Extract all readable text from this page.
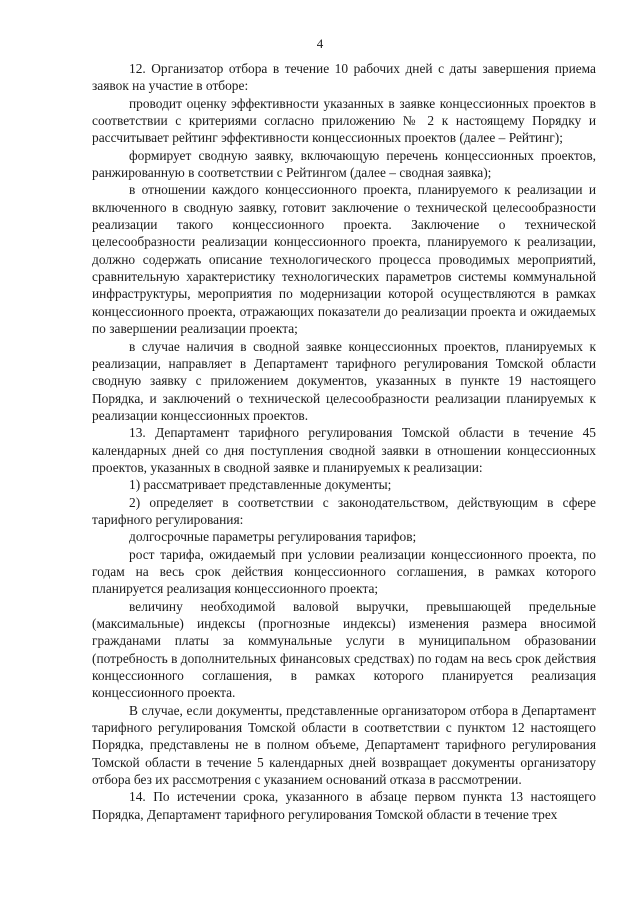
4

12. Организатор отбора в течение 10 рабочих дней с даты завершения приема заявок на участие в отборе:

проводит оценку эффективности указанных в заявке концессионных проектов в соответствии с критериями согласно приложению № 2 к настоящему Порядку и рассчитывает рейтинг эффективности концессионных проектов (далее – Рейтинг);

формирует сводную заявку, включающую перечень концессионных проектов, ранжированную в соответствии с Рейтингом (далее – сводная заявка);

в отношении каждого концессионного проекта, планируемого к реализации и включенного в сводную заявку, готовит заключение о технической целесообразности реализации такого концессионного проекта. Заключение о технической целесообразности реализации концессионного проекта, планируемого к реализации, должно содержать описание технологического процесса проводимых мероприятий, сравнительную характеристику технологических параметров системы коммунальной инфраструктуры, мероприятия по модернизации которой осуществляются в рамках концессионного проекта, отражающих показатели до реализации проекта и ожидаемых по завершении реализации проекта;

в случае наличия в сводной заявке концессионных проектов, планируемых к реализации, направляет в Департамент тарифного регулирования Томской области сводную заявку с приложением документов, указанных в пункте 19 настоящего Порядка, и заключений о технической целесообразности реализации планируемых к реализации концессионных проектов.

13. Департамент тарифного регулирования Томской области в течение 45 календарных дней со дня поступления сводной заявки в отношении концессионных проектов, указанных в сводной заявке и планируемых к реализации:

1) рассматривает представленные документы;

2) определяет в соответствии с законодательством, действующим в сфере тарифного регулирования:

долгосрочные параметры регулирования тарифов;

рост тарифа, ожидаемый при условии реализации концессионного проекта, по годам на весь срок действия концессионного соглашения, в рамках которого планируется реализация концессионного проекта;

величину необходимой валовой выручки, превышающей предельные (максимальные) индексы (прогнозные индексы) изменения размера вносимой гражданами платы за коммунальные услуги в муниципальном образовании (потребность в дополнительных финансовых средствах) по годам на весь срок действия концессионного соглашения, в рамках которого планируется реализация концессионного проекта.

В случае, если документы, представленные организатором отбора в Департамент тарифного регулирования Томской области в соответствии с пунктом 12 настоящего Порядка, представлены не в полном объеме, Департамент тарифного регулирования Томской области в течение 5 календарных дней возвращает документы организатору отбора без их рассмотрения с указанием оснований отказа в рассмотрении.

14. По истечении срока, указанного в абзаце первом пункта 13 настоящего Порядка, Департамент тарифного регулирования Томской области в течение трех
